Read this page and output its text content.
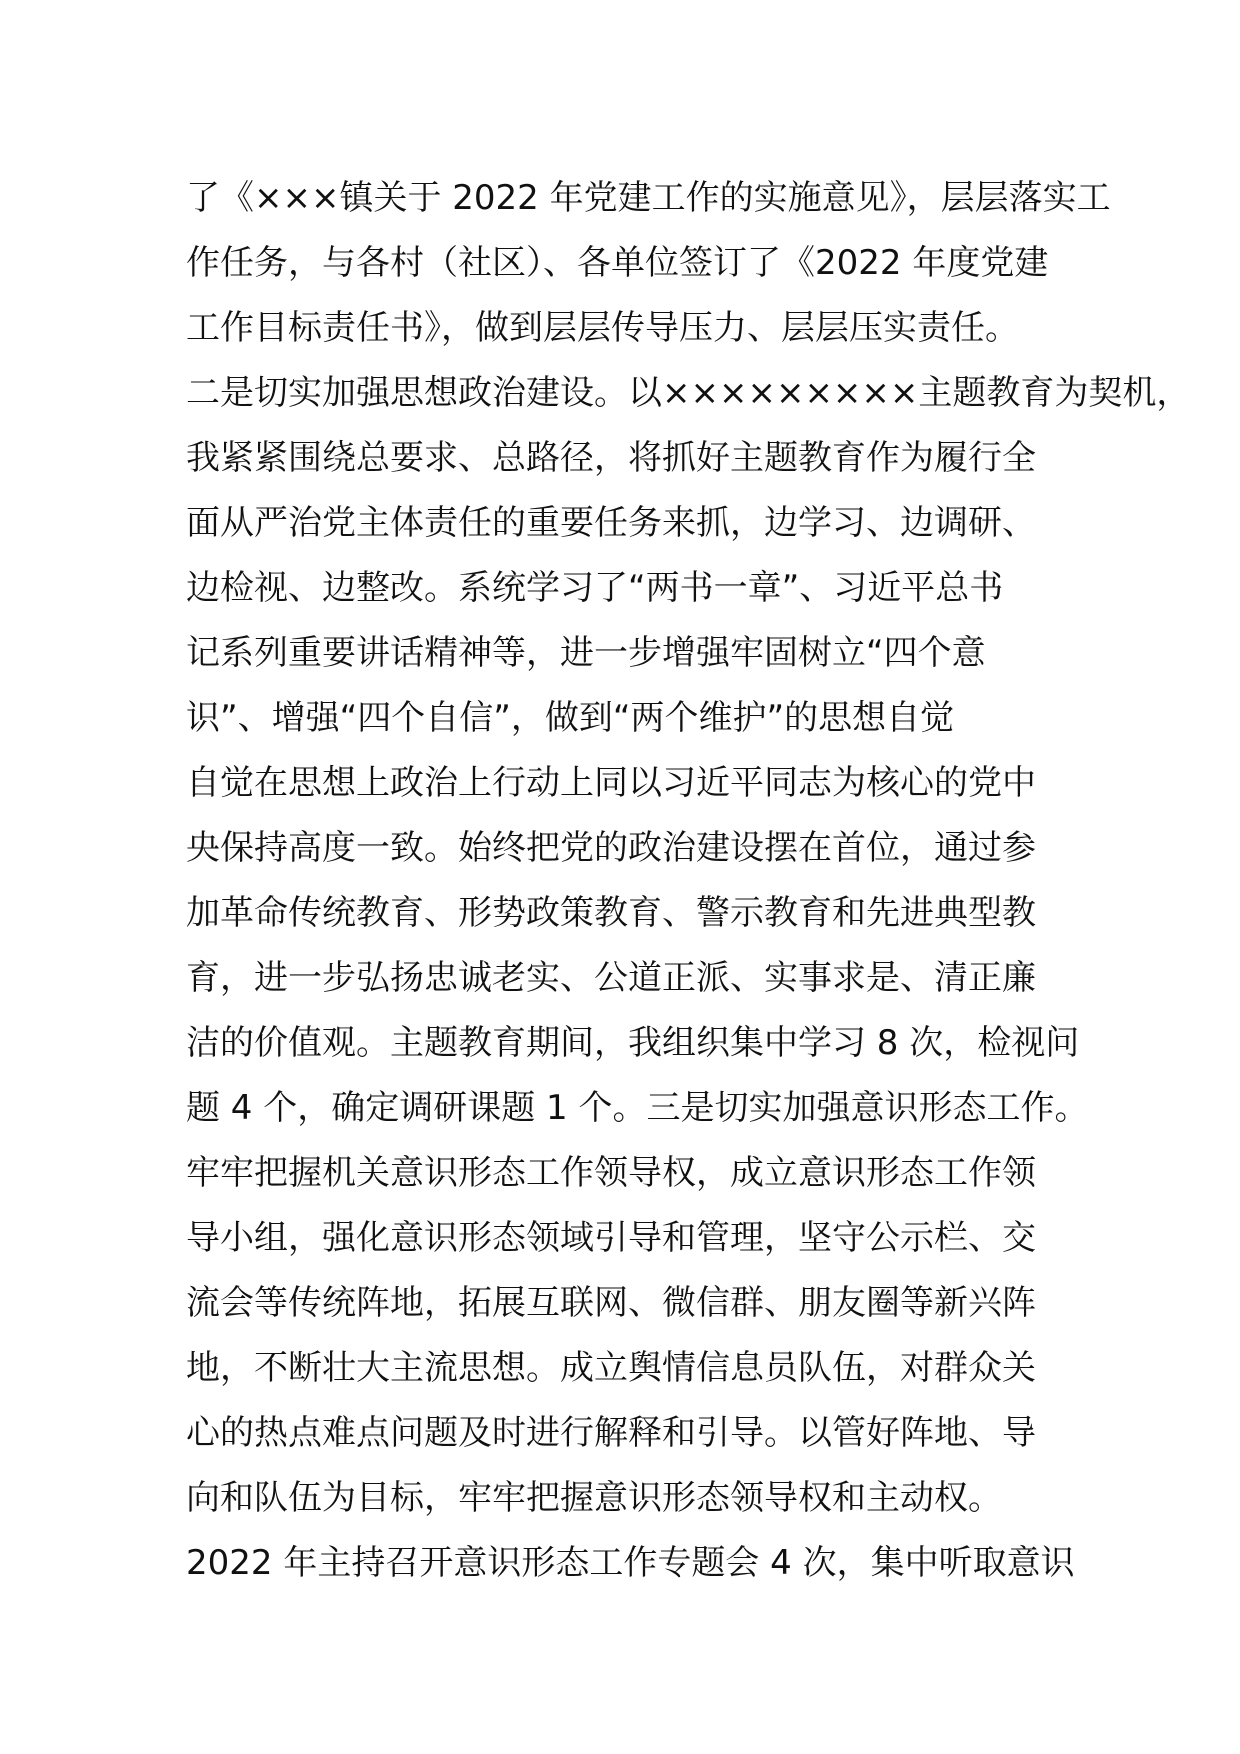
了《×××镇关于 2022 年党建工作的实施意见》，层层落实工
作任务，与各村（社区）、各单位签订了《2022 年度党建
工作目标责任书》，做到层层传导压力、层层压实责任。
二是切实加强思想政治建设。以×××××××××主题教育为契机，
我紧紧围绕总要求、总路径，将抓好主题教育作为履行全
面从严治党主体责任的重要任务来抓，边学习、边调研、
边检视、边整改。系统学习了“两书一章”、习近平总书
记系列重要讲话精神等，进一步增强牢固树立“四个意
识”、增强“四个自信”，做到“两个维护”的思想自觉
自觉在思想上政治上行动上同以习近平同志为核心的党中
央保持高度一致。始终把党的政治建设摆在首位，通过参
加革命传统教育、形势政策教育、警示教育和先进典型教
育，进一步弘扬忠诚老实、公道正派、实事求是、清正廉
洁的价值观。主题教育期间，我组织集中学习 8 次，检视问
题 4 个，确定调研课题 1 个。三是切实加强意识形态工作。
牢牢把握机关意识形态工作领导权，成立意识形态工作领
导小组，强化意识形态领域引导和管理，坚守公示栏、交
流会等传统阵地，拓展互联网、微信群、朋友圈等新兴阵
地，不断壮大主流思想。成立舆情信息员队伍，对群众关
心的热点难点问题及时进行解释和引导。以管好阵地、导
向和队伍为目标，牢牢把握意识形态领导权和主动权。
2022 年主持召开意识形态工作专题会 4 次，集中听取意识
